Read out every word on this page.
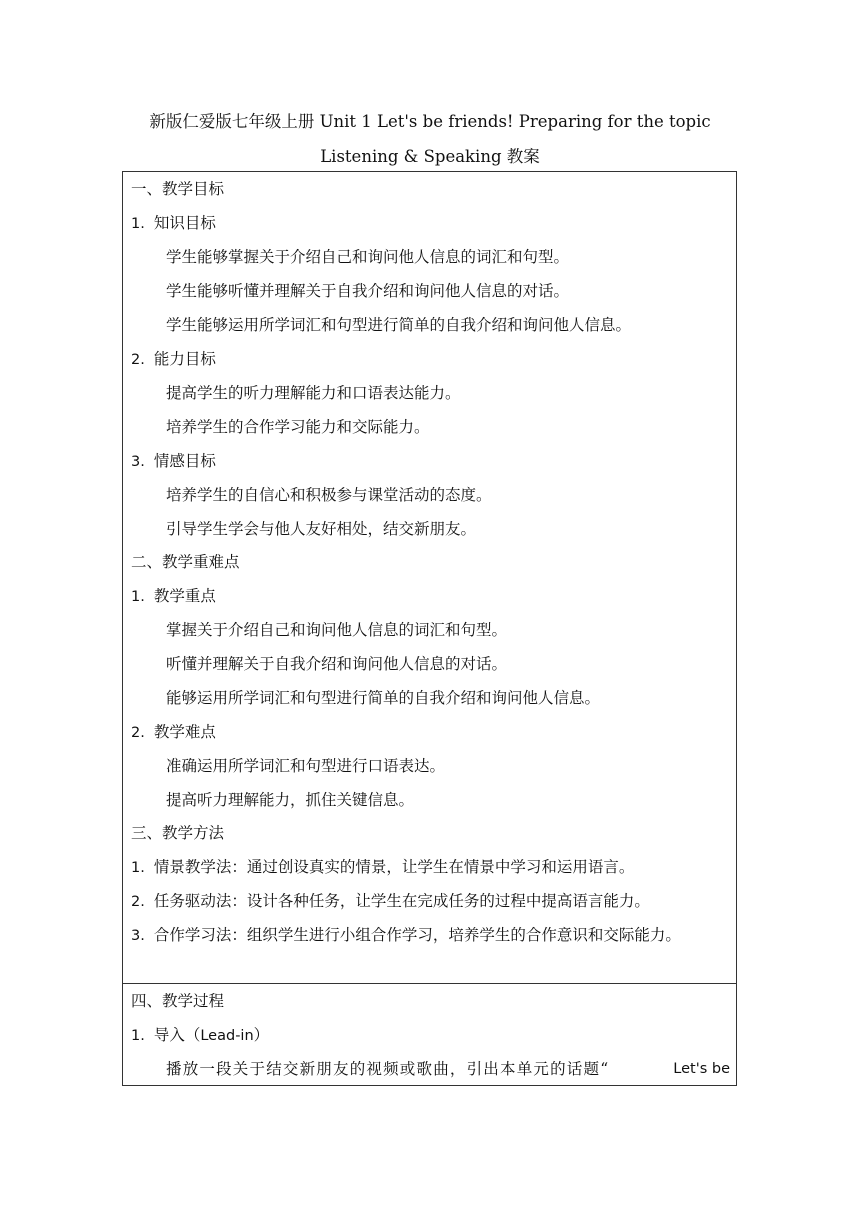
新版仁爱版七年级上册 Unit 1 Let's be friends! Preparing for the topic
Listening & Speaking 教案
一、教学目标
1. 知识目标
学生能够掌握关于介绍自己和询问他人信息的词汇和句型。
学生能够听懂并理解关于自我介绍和询问他人信息的对话。
学生能够运用所学词汇和句型进行简单的自我介绍和询问他人信息。
2. 能力目标
提高学生的听力理解能力和口语表达能力。
培养学生的合作学习能力和交际能力。
3. 情感目标
培养学生的自信心和积极参与课堂活动的态度。
引导学生学会与他人友好相处，结交新朋友。
二、教学重难点
1. 教学重点
掌握关于介绍自己和询问他人信息的词汇和句型。
听懂并理解关于自我介绍和询问他人信息的对话。
能够运用所学词汇和句型进行简单的自我介绍和询问他人信息。
2. 教学难点
准确运用所学词汇和句型进行口语表达。
提高听力理解能力，抓住关键信息。
三、教学方法
1. 情景教学法：通过创设真实的情景，让学生在情景中学习和运用语言。
2. 任务驱动法：设计各种任务，让学生在完成任务的过程中提高语言能力。
3. 合作学习法：组织学生进行小组合作学习，培养学生的合作意识和交际能力。
四、教学过程
1. 导入（Lead-in）
播放一段关于结交新朋友的视频或歌曲，引出本单元的话题“	Let's be
